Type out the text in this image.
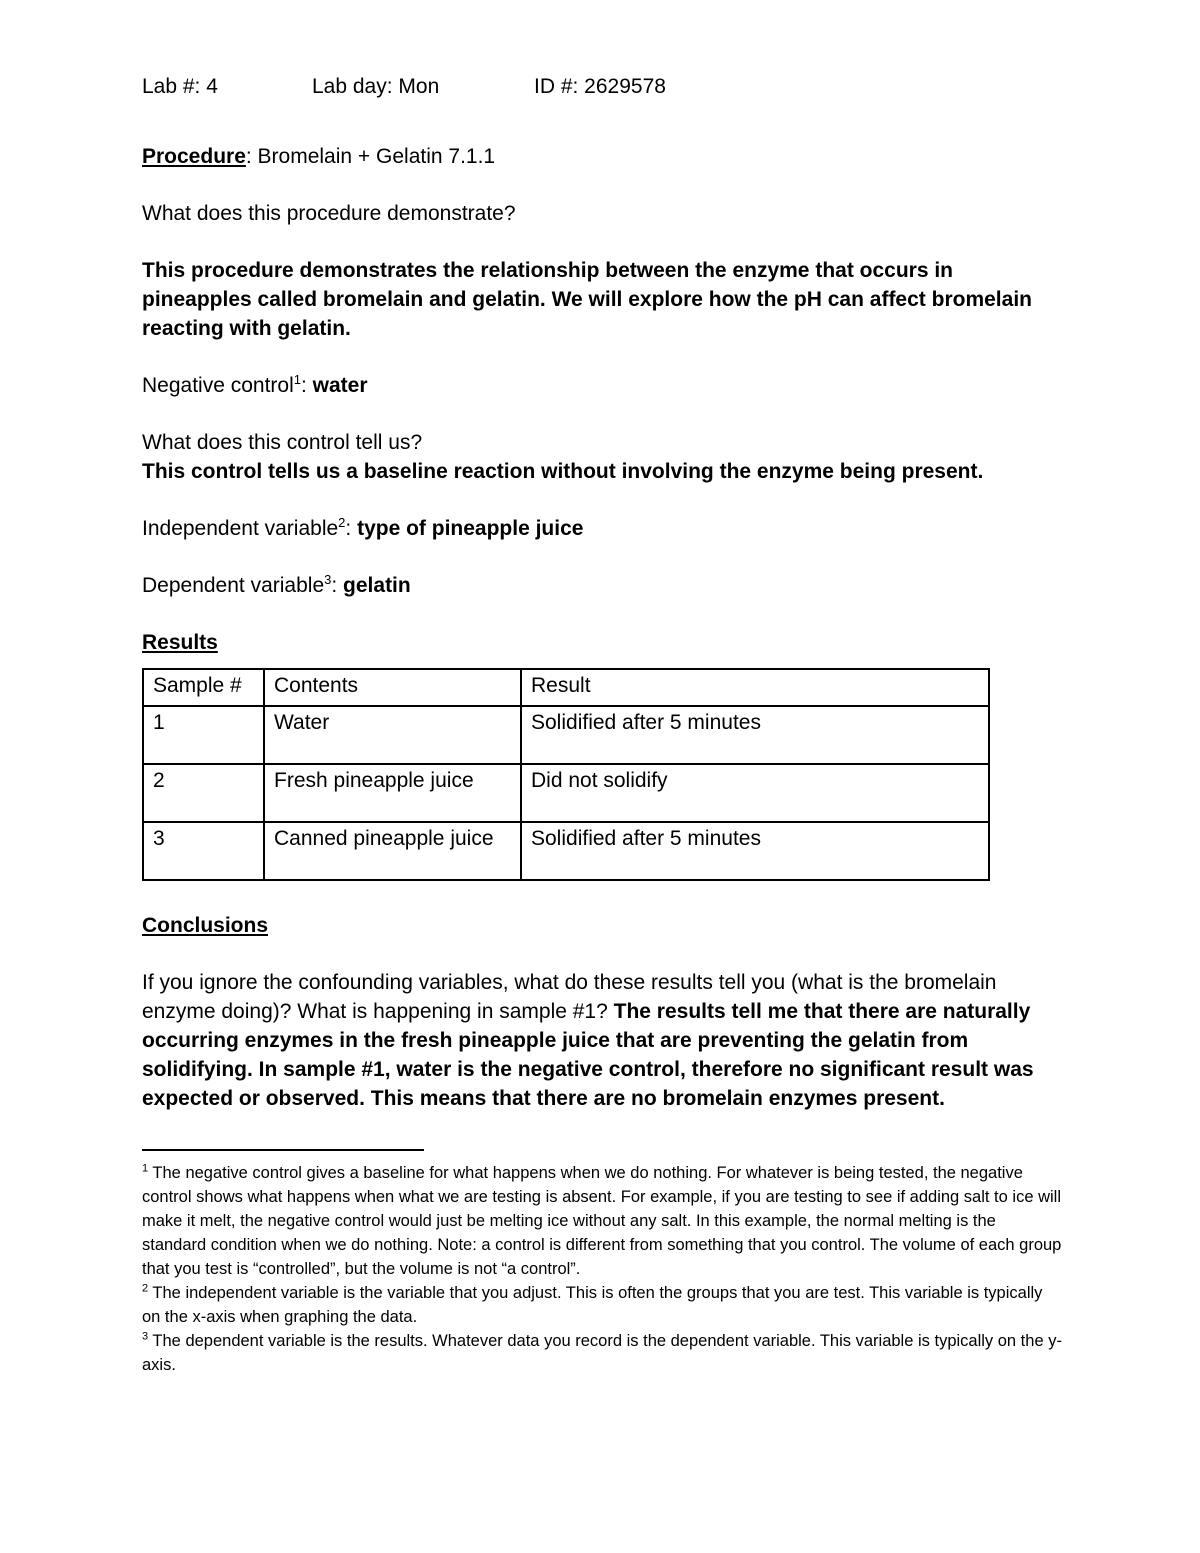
Lab #: 4	Lab day: Mon	ID #: 2629578

Procedure: Bromelain + Gelatin 7.1.1

What does this procedure demonstrate?

This procedure demonstrates the relationship between the enzyme that occurs in pineapples called bromelain and gelatin. We will explore how the pH can affect bromelain reacting with gelatin.

Negative control$^1$: water

What does this control tell us?

This control tells us a baseline reaction without involving the enzyme being present.

Independent variable$^2$: type of pineapple juice

Dependent variable$^3$: gelatin

Results

Sample #	Contents	Result
1	Water	Solidified after 5 minutes
2	Fresh pineapple juice	Did not solidify
3	Canned pineapple juice	Solidified after 5 minutes

Conclusions

If you ignore the confounding variables, what do these results tell you (what is the bromelain enzyme doing)? What is happening in sample #1? The results tell me that there are naturally occurring enzymes in the fresh pineapple juice that are preventing the gelatin from solidifying. In sample #1, water is the negative control, therefore no significant result was expected or observed. This means that there are no bromelain enzymes present.

$^1$ The negative control gives a baseline for what happens when we do nothing. For whatever is being tested, the negative control shows what happens when what we are testing is absent. For example, if you are testing to see if adding salt to ice will make it melt, the negative control would just be melting ice without any salt. In this example, the normal melting is the standard condition when we do nothing. Note: a control is different from something that you control. The volume of each group that you test is “controlled”, but the volume is not “a control”.

$^2$ The independent variable is the variable that you adjust. This is often the groups that you are test. This variable is typically on the x-axis when graphing the data.

$^3$ The dependent variable is the results. Whatever data you record is the dependent variable. This variable is typically on the y-axis.
